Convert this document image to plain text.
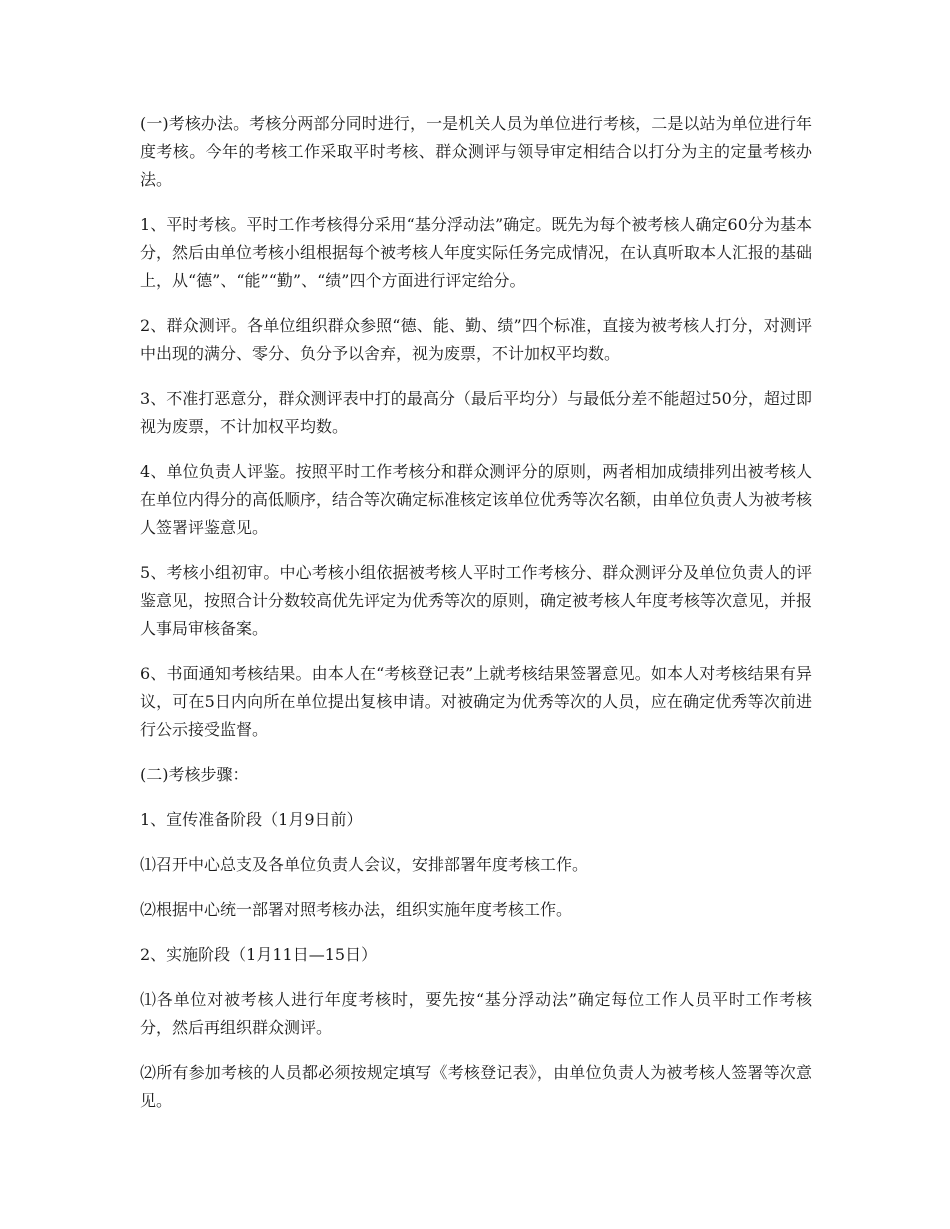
(一)考核办法。考核分两部分同时进行，一是机关人员为单位进行考核，二是以站为单位进行年度考核。今年的考核工作采取平时考核、群众测评与领导审定相结合以打分为主的定量考核办法。

1、平时考核。平时工作考核得分采用“基分浮动法”确定。既先为每个被考核人确定60分为基本分，然后由单位考核小组根据每个被考核人年度实际任务完成情况，在认真听取本人汇报的基础上，从“德”、“能”“勤”、“绩”四个方面进行评定给分。

2、群众测评。各单位组织群众参照“德、能、勤、绩”四个标准，直接为被考核人打分，对测评中出现的满分、零分、负分予以舍弃，视为废票，不计加权平均数。

3、不准打恶意分，群众测评表中打的最高分（最后平均分）与最低分差不能超过50分，超过即视为废票，不计加权平均数。

4、单位负责人评鉴。按照平时工作考核分和群众测评分的原则，两者相加成绩排列出被考核人在单位内得分的高低顺序，结合等次确定标准核定该单位优秀等次名额，由单位负责人为被考核人签署评鉴意见。

5、考核小组初审。中心考核小组依据被考核人平时工作考核分、群众测评分及单位负责人的评鉴意见，按照合计分数较高优先评定为优秀等次的原则，确定被考核人年度考核等次意见，并报人事局审核备案。

6、书面通知考核结果。由本人在“考核登记表”上就考核结果签署意见。如本人对考核结果有异议，可在5日内向所在单位提出复核申请。对被确定为优秀等次的人员，应在确定优秀等次前进行公示接受监督。

(二)考核步骤：

1、宣传准备阶段（1月9日前）

⑴召开中心总支及各单位负责人会议，安排部署年度考核工作。

⑵根据中心统一部署对照考核办法，组织实施年度考核工作。

2、实施阶段（1月11日—15日）

⑴各单位对被考核人进行年度考核时，要先按“基分浮动法”确定每位工作人员平时工作考核分，然后再组织群众测评。

⑵所有参加考核的人员都必须按规定填写《考核登记表》，由单位负责人为被考核人签署等次意见。
